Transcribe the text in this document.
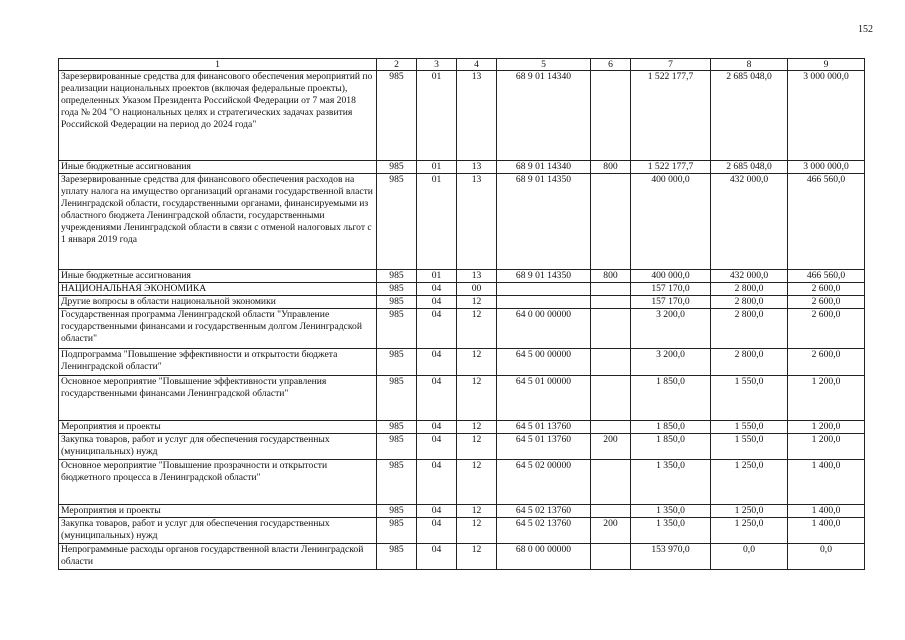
152
1	2	3	4	5	6	7	8	9
Зарезервированные средства для финансового обеспечения мероприятий по реализации национальных проектов (включая федеральные проекты), определенных Указом Президента Российской Федерации от 7 мая 2018 года № 204 "О национальных целях и стратегических задачах развития Российской Федерации на период до 2024 года"	985	01	13	68 9 01 14340		1 522 177,7	2 685 048,0	3 000 000,0
Иные бюджетные ассигнования	985	01	13	68 9 01 14340	800	1 522 177,7	2 685 048,0	3 000 000,0
Зарезервированные средства для финансового обеспечения расходов на уплату налога на имущество организаций органами государственной власти Ленинградской области, государственными органами, финансируемыми из областного бюджета Ленинградской области, государственными учреждениями Ленинградской области в связи с отменой налоговых льгот с 1 января 2019 года	985	01	13	68 9 01 14350		400 000,0	432 000,0	466 560,0
Иные бюджетные ассигнования	985	01	13	68 9 01 14350	800	400 000,0	432 000,0	466 560,0
НАЦИОНАЛЬНАЯ ЭКОНОМИКА	985	04	00			157 170,0	2 800,0	2 600,0
Другие вопросы в области национальной экономики	985	04	12			157 170,0	2 800,0	2 600,0
Государственная программа Ленинградской области "Управление государственными финансами и государственным долгом Ленинградской области"	985	04	12	64 0 00 00000		3 200,0	2 800,0	2 600,0
Подпрограмма "Повышение эффективности и открытости бюджета Ленинградской области"	985	04	12	64 5 00 00000		3 200,0	2 800,0	2 600,0
Основное мероприятие "Повышение эффективности управления государственными финансами Ленинградской области"	985	04	12	64 5 01 00000		1 850,0	1 550,0	1 200,0
Мероприятия и проекты	985	04	12	64 5 01 13760		1 850,0	1 550,0	1 200,0
Закупка товаров, работ и услуг для обеспечения государственных (муниципальных) нужд	985	04	12	64 5 01 13760	200	1 850,0	1 550,0	1 200,0
Основное мероприятие "Повышение прозрачности и открытости бюджетного процесса в Ленинградской области"	985	04	12	64 5 02 00000		1 350,0	1 250,0	1 400,0
Мероприятия и проекты	985	04	12	64 5 02 13760		1 350,0	1 250,0	1 400,0
Закупка товаров, работ и услуг для обеспечения государственных (муниципальных) нужд	985	04	12	64 5 02 13760	200	1 350,0	1 250,0	1 400,0
Непрограммные расходы органов государственной власти Ленинградской области	985	04	12	68 0 00 00000		153 970,0	0,0	0,0
